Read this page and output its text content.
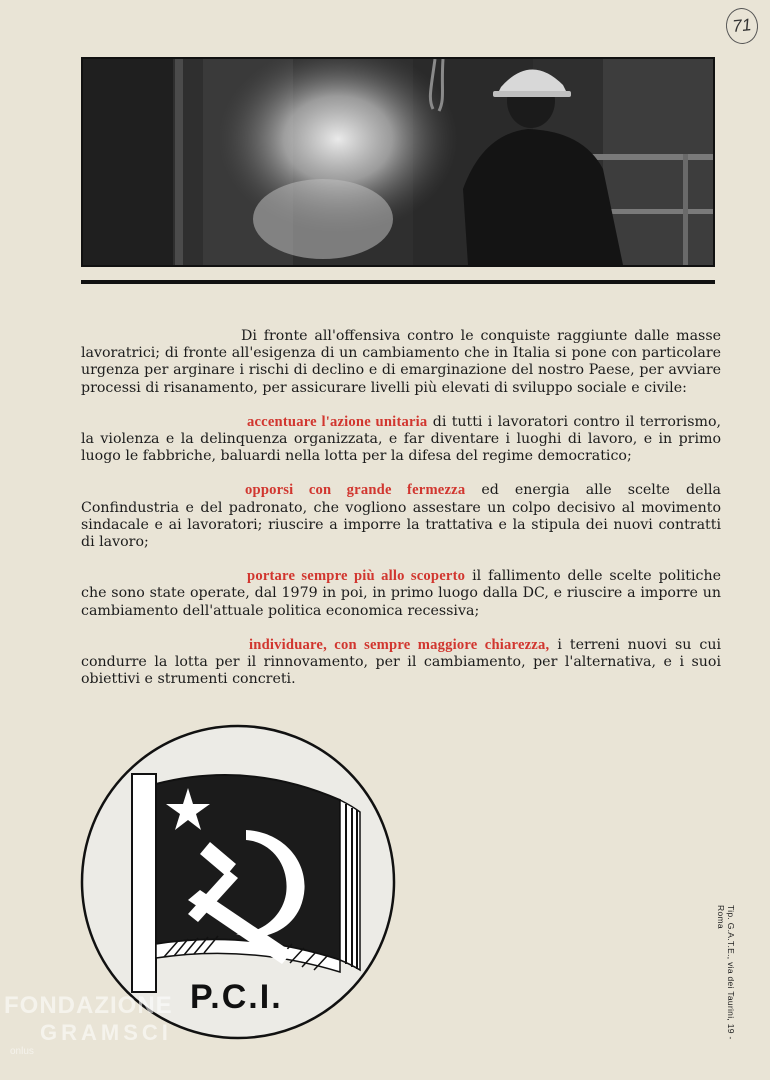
71

Di fronte all'offensiva contro le conquiste raggiunte dalle masse lavoratrici; di fronte all'esigenza di un cambiamento che in Italia si pone con particolare urgenza per arginare i rischi di declino e di emarginazione del nostro Paese, per avviare processi di risanamento, per assicurare livelli più elevati di sviluppo sociale e civile:

accentuare l'azione unitaria di tutti i lavoratori contro il terrorismo, la violenza e la delinquenza organizzata, e far diventare i luoghi di lavoro, e in primo luogo le fabbriche, baluardi nella lotta per la difesa del regime democratico;

opporsi con grande fermezza ed energia alle scelte della Confindustria e del padronato, che vogliono assestare un colpo decisivo al movimento sindacale e ai lavoratori; riuscire a imporre la trattativa e la stipula dei nuovi contratti di lavoro;

portare sempre più allo scoperto il fallimento delle scelte politiche che sono state operate, dal 1979 in poi, in primo luogo dalla DC, e riuscire a imporre un cambiamento dell'attuale politica economica recessiva;

individuare, con sempre maggiore chiarezza, i terreni nuovi su cui condurre la lotta per il rinnovamento, per il cambiamento, per l'alternativa, e i suoi obiettivi e strumenti concreti.

P.C.I.	Tip. G.A.T.E., via dei Taurini, 19 - Roma
FONDAZIONE
GRAMSCI
onlus
